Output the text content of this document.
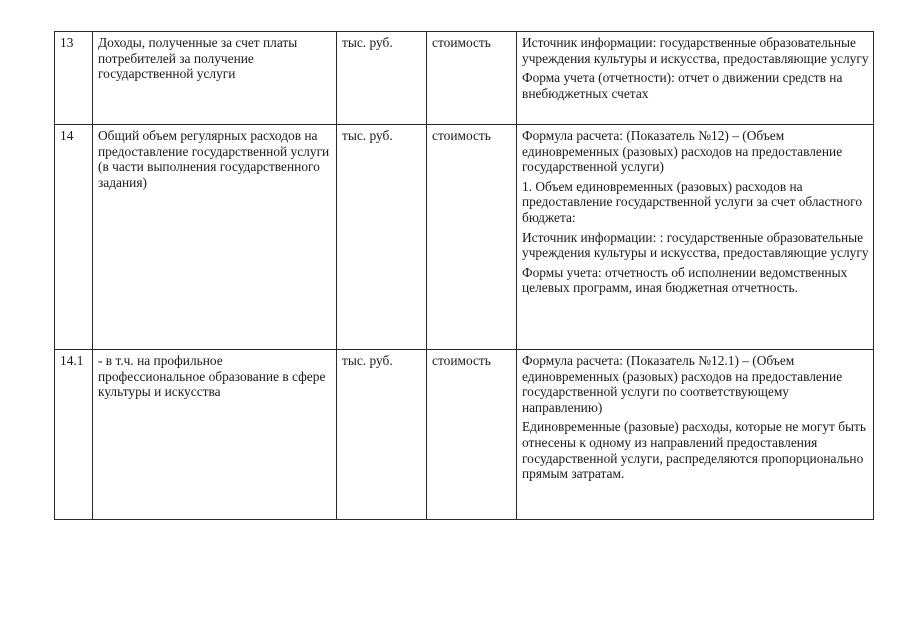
13	Доходы, полученные за счет платы потребителей за получение государственной услуги	тыс. руб.	стоимость	Источник информации: государственные образовательные учреждения культуры и искусства, предоставляющие услугу
Форма учета (отчетности): отчет о движении средств на внебюджетных счетах

14	Общий объем регулярных расходов на предоставление государственной услуги (в части выполнения государственного задания)	тыс. руб.	стоимость	Формула расчета: (Показатель №12) – (Объем единовременных (разовых) расходов на предоставление государственной услуги)
1. Объем единовременных (разовых) расходов на предоставление государственной услуги за счет областного бюджета:
Источник информации: : государственные образовательные учреждения культуры и искусства, предоставляющие услугу
Формы учета: отчетность об исполнении ведомственных целевых программ, иная бюджетная отчетность.

14.1	- в т.ч. на профильное профессиональное образование в сфере культуры и искусства	тыс. руб.	стоимость	Формула расчета: (Показатель №12.1) – (Объем единовременных (разовых) расходов на предоставление государственной услуги по соответствующему направлению)
Единовременные (разовые) расходы, которые не могут быть отнесены к одному из направлений предоставления государственной услуги, распределяются пропорционально прямым затратам.
